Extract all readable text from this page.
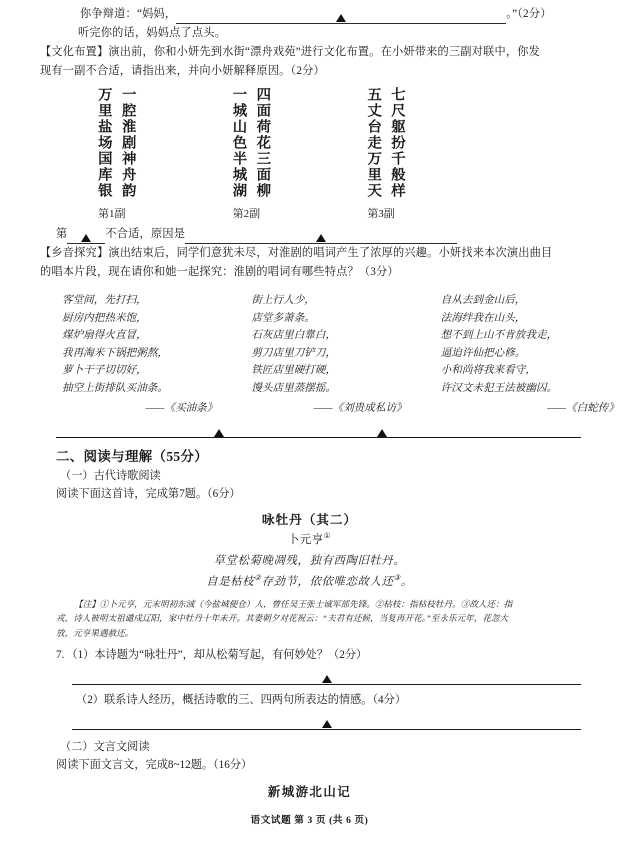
你争辩道：“妈妈，	。”（2分）
听完你的话，妈妈点了点头。
【文化布置】演出前，你和小妍先到水街“漂舟戏苑”进行文化布置。在小妍带来的三副对联中，你发
现有一副不合适，请指出来，并向小妍解释原因。（2分）
一腔淮剧神舟韵
万里盐场国库银
第1副
四面荷花三面柳
一城山色半城湖
第2副
七尺躯扮千般样
五丈台走万里天
第3副
第	不合适，原因是
【乡音探究】演出结束后，同学们意犹未尽，对淮剧的唱词产生了浓厚的兴趣。小妍找来本次演出曲目
的唱本片段，现在请你和她一起探究：淮剧的唱词有哪些特点？（3分）
客堂间，先打扫，
厨房内把热米饱，
煤炉扇得火直冒，
我再淘米下锅把粥熬，
萝卜干子切切好，
抽空上街排队买油条。
——《买油条》
街上行人少，
店堂多萧条。
石灰店里白靠白，
剪刀店里刀铲刀，
铁匠店里硬打硬，
馒头店里蒸摆摇。
——《刘贵成私访》
自从去到金山后，
法海绊我在山头，
想不到上山不肯放我走，
逼迫许仙把心修。
小和尚将我来看守，
许汉文未犯王法被幽囚。
——《白蛇传》
二、阅读与理解（55分）
（一）古代诗歌阅读
阅读下面这首诗，完成第7题。（6分）
咏牡丹（其二）
卜元亨①
草堂松菊晚凋残，独有西陶旧牡丹。
自是枯枝②存劲节，依依唯恋故人还③。
【注】①卜元亨，元末明初东淢（今盐城便仓）人，曾任吴王张士诚军部先锋。②枯枝：指枯枝牡丹。③故人还：指
戎，诗人被明太祖谴戍辽阳，家中牡丹十年未开。其妻朝夕对花祝云：“夫君有还候，当复再开花。”至永乐元年，花忽大
放，元亨果遇赦还。
7. （1）本诗题为“咏牡丹”，却从松菊写起，有何妙处？（2分）
（2）联系诗人经历，概括诗歌的三、四两句所表达的情感。（4分）
（二）文言文阅读
阅读下面文言文，完成8~12题。（16分）
新城游北山记
语文试题 第 3 页 (共 6 页)
